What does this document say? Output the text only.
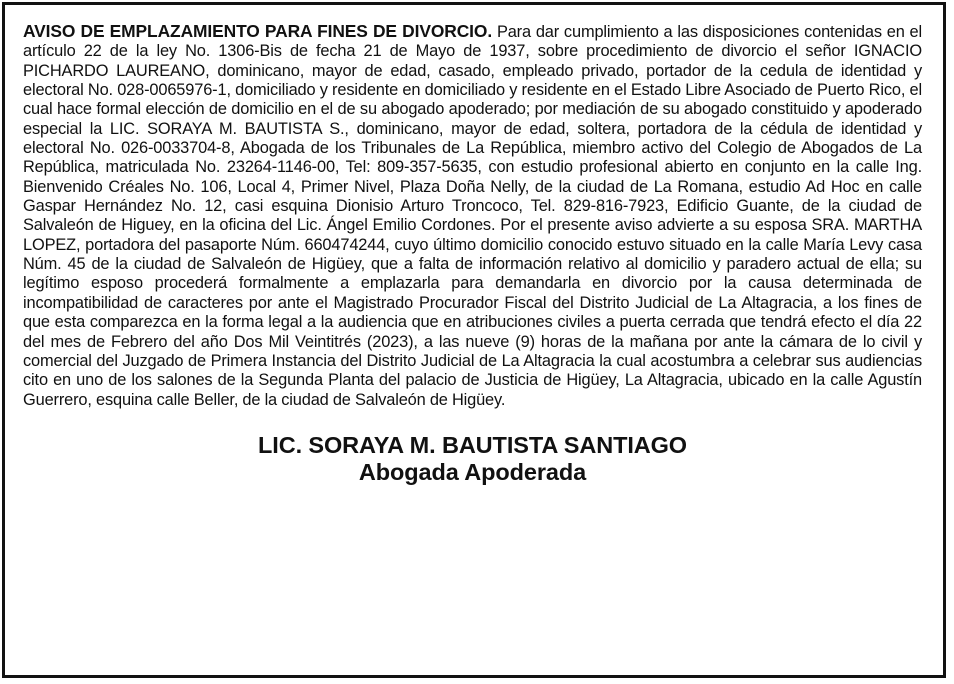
AVISO DE EMPLAZAMIENTO PARA FINES DE DIVORCIO. Para dar cumplimiento a las disposiciones contenidas en el artículo 22 de la ley No. 1306-Bis de fecha 21 de Mayo de 1937, sobre procedimiento de divorcio el señor IGNACIO PICHARDO LAUREANO, dominicano, mayor de edad, casado, empleado privado, portador de la cedula de identidad y electoral No. 028-0065976-1, domiciliado y residente en domiciliado y residente en el Estado Libre Asociado de Puerto Rico, el cual hace formal elección de domicilio en el de su abogado apoderado; por mediación de su abogado constituido y apoderado especial la LIC. SORAYA M. BAUTISTA S., dominicano, mayor de edad, soltera, portadora de la cédula de identidad y electoral No. 026-0033704-8, Abogada de los Tribunales de La República, miembro activo del Colegio de Abogados de La República, matriculada No. 23264-1146-00, Tel: 809-357-5635, con estudio profesional abierto en conjunto en la calle Ing. Bienvenido Créales No. 106, Local 4, Primer Nivel, Plaza Doña Nelly, de la ciudad de La Romana, estudio Ad Hoc en calle Gaspar Hernández No. 12, casi esquina Dionisio Arturo Troncoco, Tel. 829-816-7923, Edificio Guante, de la ciudad de Salvaleón de Higuey, en la oficina del Lic. Ángel Emilio Cordones. Por el presente aviso advierte a su esposa SRA. MARTHA LOPEZ, portadora del pasaporte Núm. 660474244, cuyo último domicilio conocido estuvo situado en la calle María Levy casa Núm. 45 de la ciudad de Salvaleón de Higüey, que a falta de información relativo al domicilio y paradero actual de ella; su legítimo esposo procederá formalmente a emplazarla para demandarla en divorcio por la causa determinada de incompatibilidad de caracteres por ante el Magistrado Procurador Fiscal del Distrito Judicial de La Altagracia, a los fines de que esta comparezca en la forma legal a la audiencia que en atribuciones civiles a puerta cerrada que tendrá efecto el día 22 del mes de Febrero del año Dos Mil Veintitrés (2023), a las nueve (9) horas de la mañana por ante la cámara de lo civil y comercial del Juzgado de Primera Instancia del Distrito Judicial de La Altagracia la cual acostumbra a celebrar sus audiencias cito en uno de los salones de la Segunda Planta del palacio de Justicia de Higüey, La Altagracia, ubicado en la calle Agustín Guerrero, esquina calle Beller, de la ciudad de Salvaleón de Higüey.

LIC. SORAYA M. BAUTISTA SANTIAGO
Abogada Apoderada
